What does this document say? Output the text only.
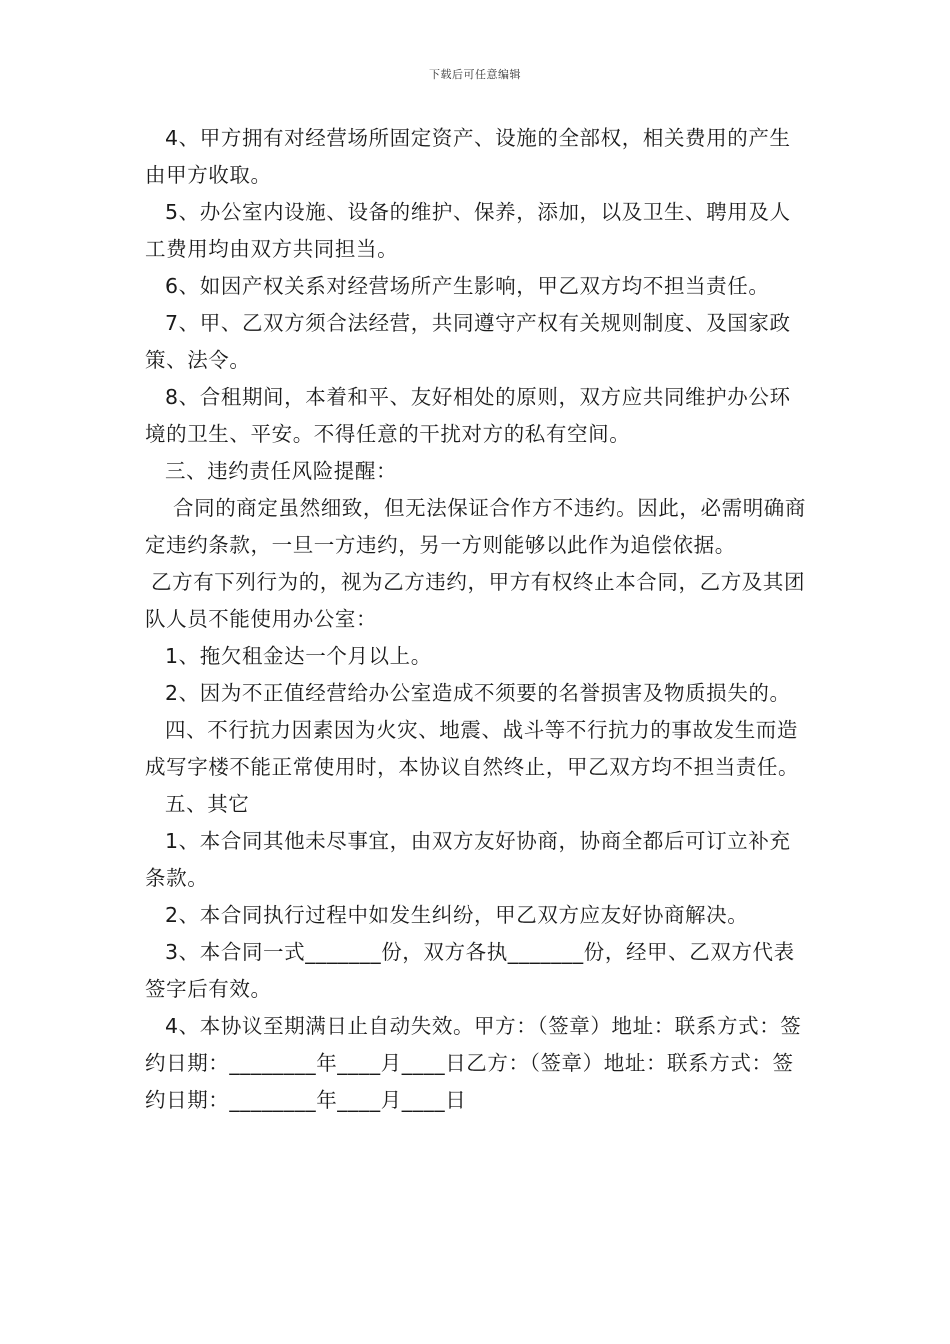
下载后可任意编辑

4、甲方拥有对经营场所固定资产、设施的全部权，相关费用的产生由甲方收取。

5、办公室内设施、设备的维护、保养，添加，以及卫生、聘用及人工费用均由双方共同担当。

6、如因产权关系对经营场所产生影响，甲乙双方均不担当责任。

7、甲、乙双方须合法经营，共同遵守产权有关规则制度、及国家政策、法令。

8、合租期间，本着和平、友好相处的原则，双方应共同维护办公环境的卫生、平安。不得任意的干扰对方的私有空间。

三、违约责任风险提醒：

合同的商定虽然细致，但无法保证合作方不违约。因此，必需明确商定违约条款，一旦一方违约，另一方则能够以此作为追偿依据。

乙方有下列行为的，视为乙方违约，甲方有权终止本合同，乙方及其团队人员不能使用办公室：

1、拖欠租金达一个月以上。

2、因为不正值经营给办公室造成不须要的名誉损害及物质损失的。

四、不行抗力因素因为火灾、地震、战斗等不行抗力的事故发生而造成写字楼不能正常使用时，本协议自然终止，甲乙双方均不担当责任。

五、其它

1、本合同其他未尽事宜，由双方友好协商，协商全都后可订立补充条款。

2、本合同执行过程中如发生纠纷，甲乙双方应友好协商解决。

3、本合同一式_______份，双方各执_______份，经甲、乙双方代表签字后有效。

4、本协议至期满日止自动失效。甲方：（签章）地址：联系方式：签约日期：________年____月____日乙方：（签章）地址：联系方式：签约日期：________年____月____日
